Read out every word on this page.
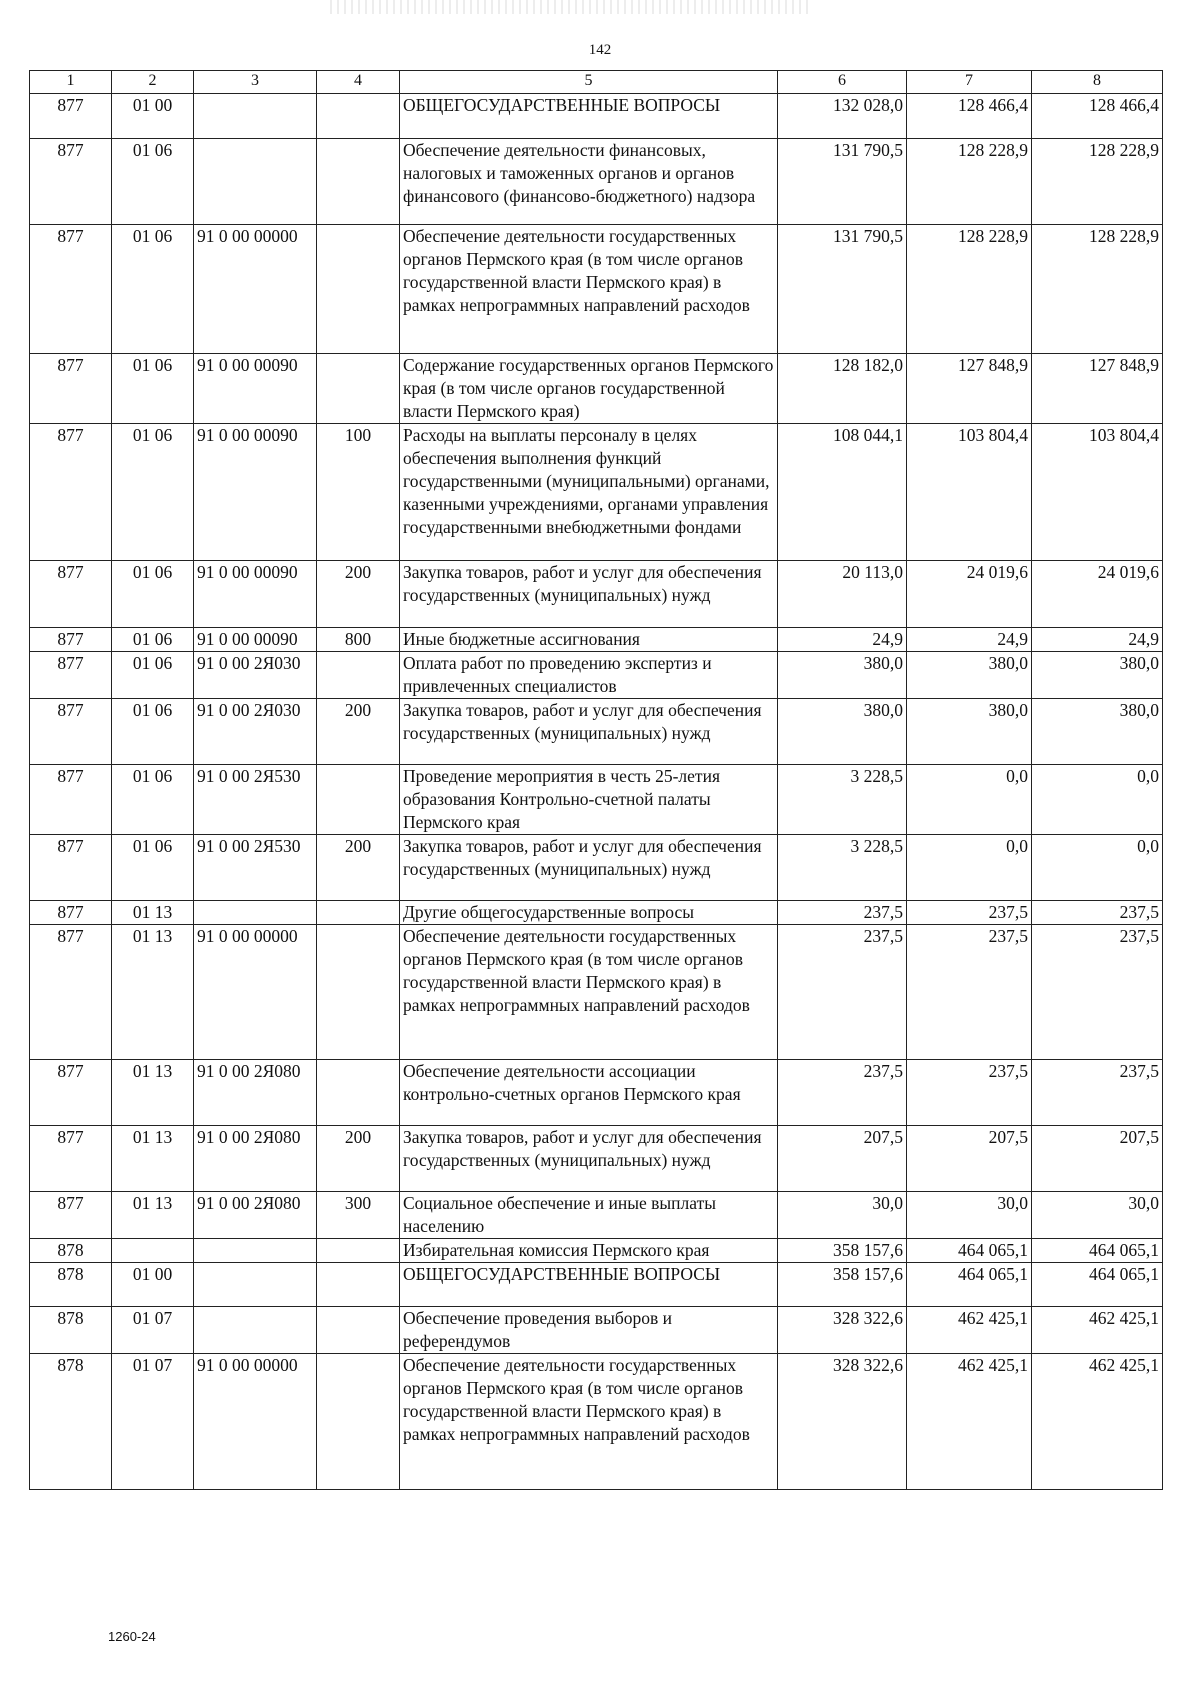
142
1	2	3	4	5	6	7	8
877	01 00			ОБЩЕГОСУДАРСТВЕННЫЕ ВОПРОСЫ	132 028,0	128 466,4	128 466,4
877	01 06			Обеспечение деятельности финансовых, налоговых и таможенных органов и органов финансового (финансово-бюджетного) надзора	131 790,5	128 228,9	128 228,9
877	01 06	91 0 00 00000		Обеспечение деятельности государственных органов Пермского края (в том числе органов государственной власти Пермского края) в рамках непрограммных направлений расходов	131 790,5	128 228,9	128 228,9
877	01 06	91 0 00 00090		Содержание государственных органов Пермского края (в том числе органов государственной власти Пермского края)	128 182,0	127 848,9	127 848,9
877	01 06	91 0 00 00090	100	Расходы на выплаты персоналу в целях обеспечения выполнения функций государственными (муниципальными) органами, казенными учреждениями, органами управления государственными внебюджетными фондами	108 044,1	103 804,4	103 804,4
877	01 06	91 0 00 00090	200	Закупка товаров, работ и услуг для обеспечения государственных (муниципальных) нужд	20 113,0	24 019,6	24 019,6
877	01 06	91 0 00 00090	800	Иные бюджетные ассигнования	24,9	24,9	24,9
877	01 06	91 0 00 2Я030		Оплата работ по проведению экспертиз и привлеченных специалистов	380,0	380,0	380,0
877	01 06	91 0 00 2Я030	200	Закупка товаров, работ и услуг для обеспечения государственных (муниципальных) нужд	380,0	380,0	380,0
877	01 06	91 0 00 2Я530		Проведение мероприятия в честь 25-летия образования Контрольно-счетной палаты Пермского края	3 228,5	0,0	0,0
877	01 06	91 0 00 2Я530	200	Закупка товаров, работ и услуг для обеспечения государственных (муниципальных) нужд	3 228,5	0,0	0,0
877	01 13			Другие общегосударственные вопросы	237,5	237,5	237,5
877	01 13	91 0 00 00000		Обеспечение деятельности государственных органов Пермского края (в том числе органов государственной власти Пермского края) в рамках непрограммных направлений расходов	237,5	237,5	237,5
877	01 13	91 0 00 2Я080		Обеспечение деятельности ассоциации контрольно-счетных органов Пермского края	237,5	237,5	237,5
877	01 13	91 0 00 2Я080	200	Закупка товаров, работ и услуг для обеспечения государственных (муниципальных) нужд	207,5	207,5	207,5
877	01 13	91 0 00 2Я080	300	Социальное обеспечение и иные выплаты населению	30,0	30,0	30,0
878				Избирательная комиссия Пермского края	358 157,6	464 065,1	464 065,1
878	01 00			ОБЩЕГОСУДАРСТВЕННЫЕ ВОПРОСЫ	358 157,6	464 065,1	464 065,1
878	01 07			Обеспечение проведения выборов и референдумов	328 322,6	462 425,1	462 425,1
878	01 07	91 0 00 00000		Обеспечение деятельности государственных органов Пермского края (в том числе органов государственной власти Пермского края) в рамках непрограммных направлений расходов	328 322,6	462 425,1	462 425,1
1260-24
